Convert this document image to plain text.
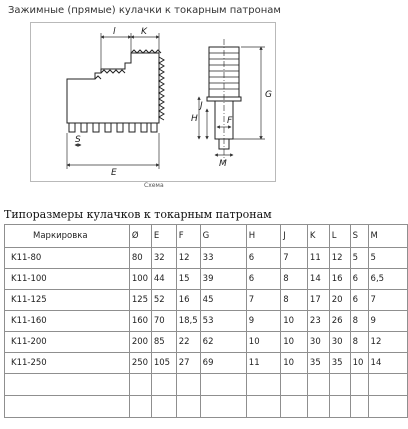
Зажимные (прямые) кулачки к токарным патронам
l	K
E
S
G
H
J
F
M
Схема
Типоразмеры кулачков к токарным патронам
Маркировка	Ø	E	F	G	H	J	K	L	S	M
K11-80	80	32	12	33	6	7	11	12	5	5
K11-100	100	44	15	39	6	8	14	16	6	6,5
K11-125	125	52	16	45	7	8	17	20	6	7
K11-160	160	70	18,5	53	9	10	23	26	8	9
K11-200	200	85	22	62	10	10	30	30	8	12
K11-250	250	105	27	69	11	10	35	35	10	14
